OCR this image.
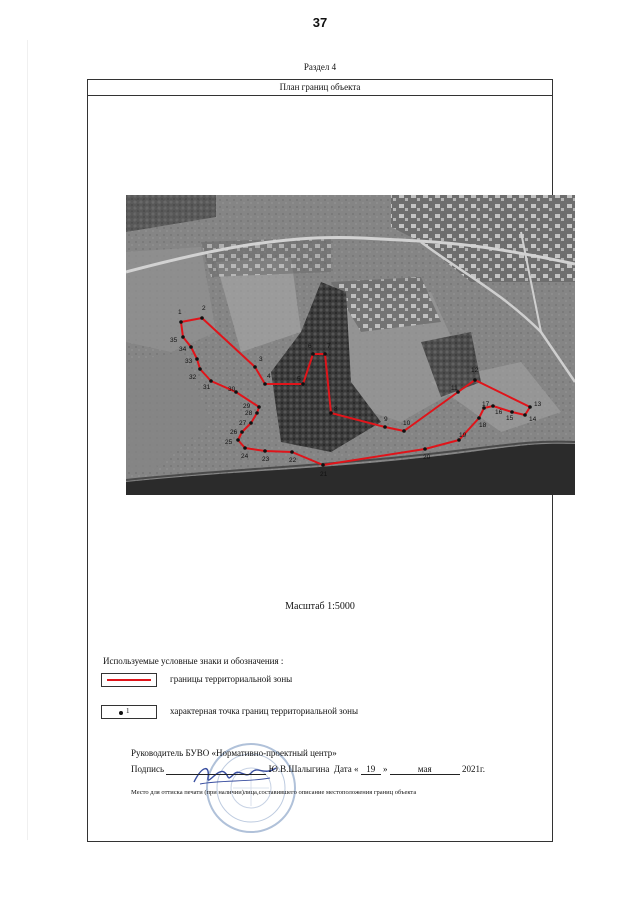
37
Раздел 4
План границ объекта
1
2
3
4	5
6 7
8
9
10
11
12
13
14
15
16
17
18
19
20
21
22
23
24
25
26
27
28
29
30
31
32
33
34
35
Масштаб 1:5000
Используемые условные знаки и обозначения :
границы территориальной зоны
1	характерная точка границ территориальной зоны
Руководитель БУВО «Нормативно-проектный центр»
Подпись	Ю.В.Шалыгина Дата « 19 »	мая	2021г.
Место для оттиска печати (при наличии)лица,составившего описание местоположения границ объекта
